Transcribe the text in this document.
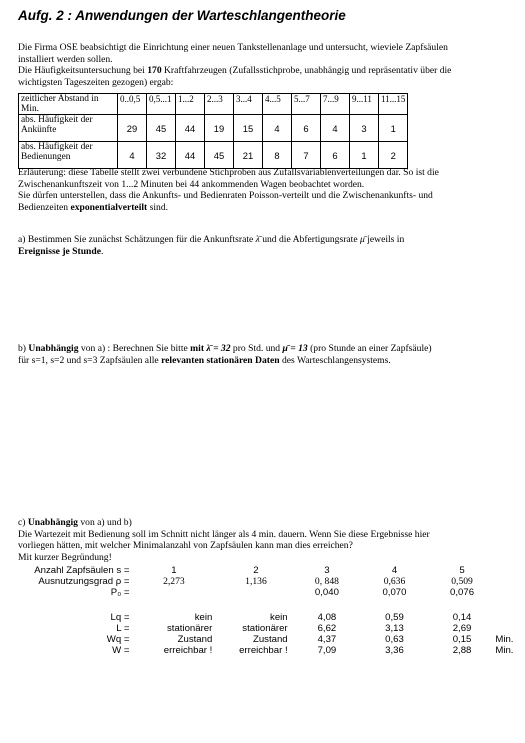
Aufg. 2 : Anwendungen der Warteschlangentheorie
Die Firma OSE beabsichtigt die Einrichtung einer neuen Tankstellenanlage und untersucht, wieviele Zapfsäulen
installiert werden sollen.
Die Häufigkeitsuntersuchung bei 170 Kraftfahrzeugen (Zufallsstichprobe, unabhängig und repräsentativ über die
wichtigsten Tageszeiten gezogen) ergab:
zeitlicher Abstand in Min.	0..0,5	0,5...1	1...2	2...3	3...4	4...5	5...7	7...9	9...11	11...15
abs. Häufigkeit der Ankünfte	29	45	44	19	15	4	6	4	3	1
abs. Häufigkeit der Bedienungen	4	32	44	45	21	8	7	6	1	2
Erläuterung: diese Tabelle stellt zwei verbundene Stichproben aus Zufallsvariablenverteilungen dar. So ist die
Zwischenankunftszeit von 1...2 Minuten bei 44 ankommenden Wagen beobachtet worden.
Sie dürfen unterstellen, dass die Ankunfts- und Bedienraten Poisson-verteilt und die Zwischenankunfts- und
Bedienzeiten exponentialverteilt sind.
a) Bestimmen Sie zunächst Schätzungen für die Ankunftsrate λ̄ und die Abfertigungsrate μ̄ jeweils in
Ereignisse je Stunde.
b) Unabhängig von a) : Berechnen Sie bitte mit λ̄ = 32 pro Std. und μ̄ = 13 (pro Stunde an einer Zapfsäule)
für s=1, s=2 und s=3 Zapfsäulen alle relevanten stationären Daten des Warteschlangensystems.
c) Unabhängig von a) und b)
Die Wartezeit mit Bedienung soll im Schnitt nicht länger als 4 min. dauern. Wenn Sie diese Ergebnisse hier
vorliegen hätten, mit welcher Minimalanzahl von Zapfsäulen kann man dies erreichen?
Mit kurzer Begründung!
Anzahl Zapfsäulen s =	1	2	3	4	5	
Ausnutzungsgrad ρ =	2,273	1,136	0, 848	0,636	0,509	
P₀ =			0,040	0,070	0,076	

Lq =	kein	kein	4,08	0,59	0,14	
L =	stationärer	stationärer	6,62	3,13	2,69	
Wq =	Zustand	Zustand	4,37	0,63	0,15	Min.
W =	erreichbar !	erreichbar !	7,09	3,36	2,88	Min.
